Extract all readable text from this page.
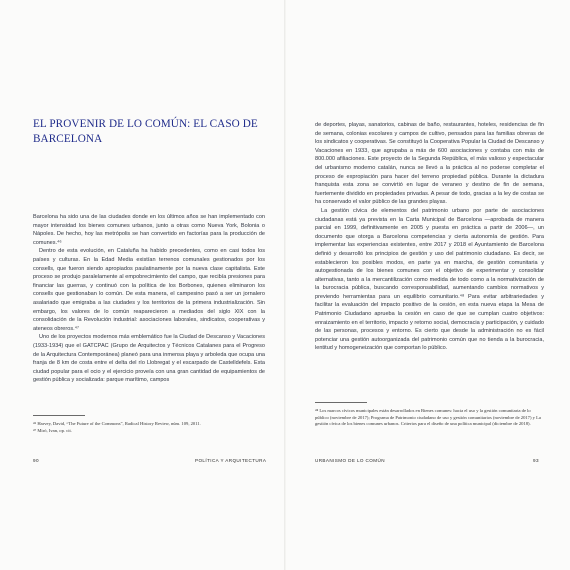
EL PROVENIR DE LO COMÚN: EL CASO DE BARCELONA

Barcelona ha sido una de las ciudades donde en los últimos años se han implementado con mayor intensidad los bienes comunes urbanos, junto a otras como Nueva York, Bolonia o Nápoles. De hecho, hoy las metrópolis se han convertido en factorías para la producción de comunes.⁴⁶

Dentro de esta evolución, en Cataluña ha habido precedentes, como en casi todos los países y culturas. En la Edad Media existían terrenos comunales gestionados por los consells, que fueron siendo apropiados paulatinamente por la nueva clase capitalista. Este proceso se produjo paralelamente al empobrecimiento del campo, que recibía presiones para financiar las guerras, y continuó con la política de los Borbones, quienes eliminaron los consells que gestionaban lo común. De esta manera, el campesino pasó a ser un jornalero asalariado que emigraba a las ciudades y los territorios de la primera industrialización. Sin embargo, los valores de lo común reaparecieron a mediados del siglo XIX con la consolidación de la Revolución industrial: asociaciones laborales, sindicatos, cooperativas y ateneos obreros.⁴⁷

Uno de los proyectos modernos más emblemático fue la Ciudad de Descanso y Vacaciones (1933-1934) que el GATCPAC (Grupo de Arquitectos y Técnicos Catalanes para el Progreso de la Arquitectura Contemporánea) planeó para una inmensa playa y arboleda que ocupa una franja de 8 km de costa entre el delta del río Llobregat y el escarpado de Castelldefels. Esta ciudad popular para el ocio y el ejercicio proveía con una gran cantidad de equipamientos de gestión pública y socializada: parque marítimo, campos

⁴⁶ Harvey, David, “The Future of the Commons”, Radical History Review, núm. 109, 2011.

⁴⁷ Miró, Ivan, op. cit.

90	POLÍTICA Y ARQUITECTURA

de deportes, playas, sanatorios, cabinas de baño, restaurantes, hoteles, residencias de fin de semana, colonias escolares y campos de cultivo, pensados para las familias obreras de los sindicatos y cooperativas. Se constituyó la Cooperativa Popular la Ciudad de Descanso y Vacaciones en 1933, que agrupaba a más de 600 asociaciones y contaba con más de 800.000 afiliaciones. Este proyecto de la Segunda República, el más valioso y espectacular del urbanismo moderno catalán, nunca se llevó a la práctica al no poderse completar el proceso de expropiación para hacer del terreno propiedad pública. Durante la dictadura franquista esta zona se convirtió en lugar de veraneo y destino de fin de semana, fuertemente dividido en propiedades privadas. A pesar de todo, gracias a la ley de costas se ha conservado el valor público de las grandes playas.

La gestión cívica de elementos del patrimonio urbano por parte de asociaciones ciudadanas está ya prevista en la Carta Municipal de Barcelona —aprobada de manera parcial en 1999, definitivamente en 2005 y puesta en práctica a partir de 2006—, un documento que otorga a Barcelona competencias y cierta autonomía de gestión. Para implementar las experiencias existentes, entre 2017 y 2018 el Ayuntamiento de Barcelona definió y desarrolló los principios de gestión y uso del patrimonio ciudadano. Es decir, se establecieron los posibles modos, en parte ya en marcha, de gestión comunitaria y autogestionada de los bienes comunes con el objetivo de experimentar y consolidar alternativas, tanto a la mercantilización como medida de todo como a la normativización de la burocracia pública, buscando corresponsabilidad, aumentando cambios normativos y previendo herramientas para un equilibrio comunitario.⁴⁸ Para evitar arbitrariedades y facilitar la evaluación del impacto positivo de la cesión, en esta nueva etapa la Mesa de Patrimonio Ciudadano aprueba la cesión en caso de que se cumplan cuatro objetivos: enraizamiento en el territorio, impacto y retorno social, democracia y participación, y cuidado de las personas, procesos y entorno. Es cierto que desde la administración no es fácil potenciar una gestión autoorganizada del patrimonio común que no tienda a la burocracia, lentitud y homogeneización que comportan lo público.

⁴⁸ Los marcos cívicos municipales están desarrollados en Bienes comunes: hacia el uso y la gestión comunitaria de lo público (noviembre de 2017); Programa de Patrimonio ciudadano de uso y gestión comunitarios (noviembre de 2017) y La gestión cívica de los bienes comunes urbanos. Criterios para el diseño de una política municipal (diciembre de 2018).

URBANISMO DE LO COMÚN	93
